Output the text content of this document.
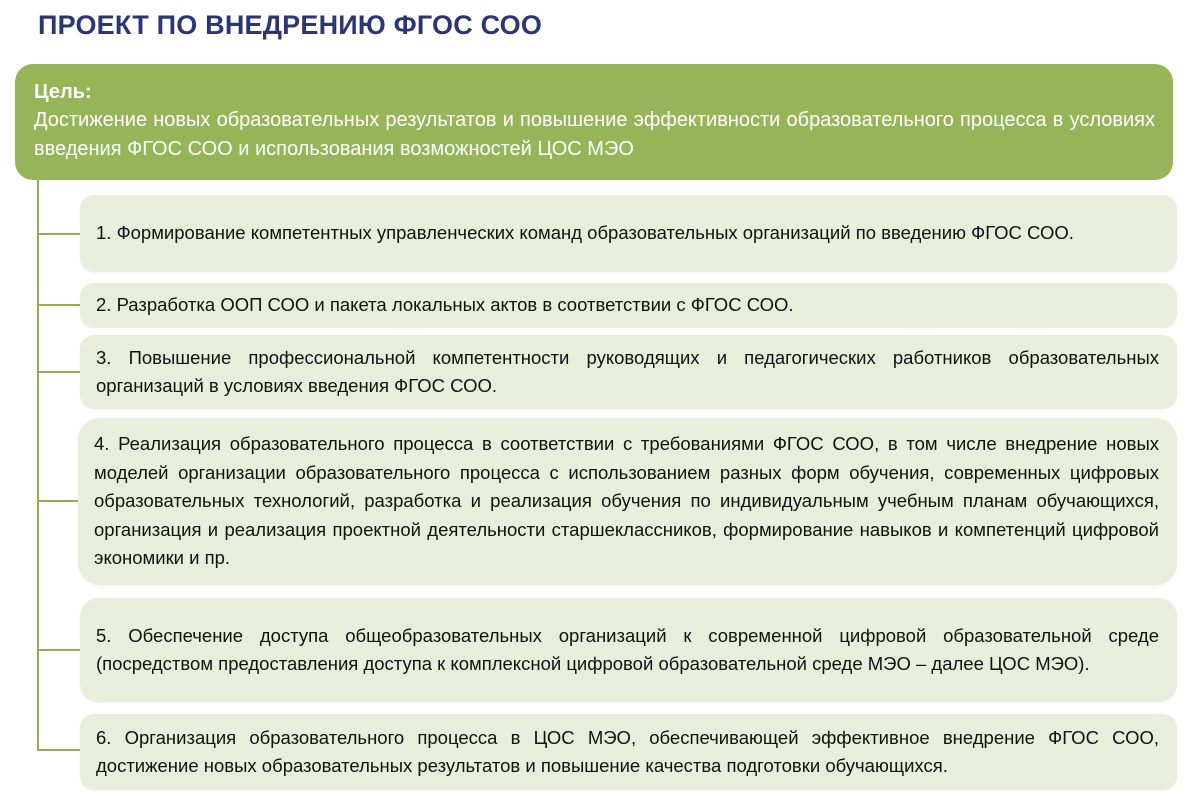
ПРОЕКТ ПО ВНЕДРЕНИЮ ФГОС СОО
Цель:
Достижение новых образовательных результатов и повышение эффективности образовательного процесса в условиях введения ФГОС СОО и использования возможностей ЦОС МЭО
1. Формирование компетентных управленческих команд образовательных организаций по введению ФГОС СОО.
2. Разработка ООП СОО и пакета локальных актов в соответствии с ФГОС СОО.
3. Повышение профессиональной компетентности руководящих и педагогических работников образовательных организаций в условиях введения ФГОС СОО.
4. Реализация образовательного процесса в соответствии с требованиями ФГОС СОО, в том числе внедрение новых моделей организации образовательного процесса с использованием разных форм обучения, современных цифровых образовательных технологий, разработка и реализация обучения по индивидуальным учебным планам обучающихся, организация и реализация проектной деятельности старшеклассников, формирование навыков и компетенций цифровой экономики и пр.
5. Обеспечение доступа общеобразовательных организаций к современной цифровой образовательной среде (посредством предоставления доступа к комплексной цифровой образовательной среде МЭО – далее ЦОС МЭО).
6. Организация образовательного процесса в ЦОС МЭО, обеспечивающей эффективное внедрение ФГОС СОО, достижение новых образовательных результатов и повышение качества подготовки обучающихся.
